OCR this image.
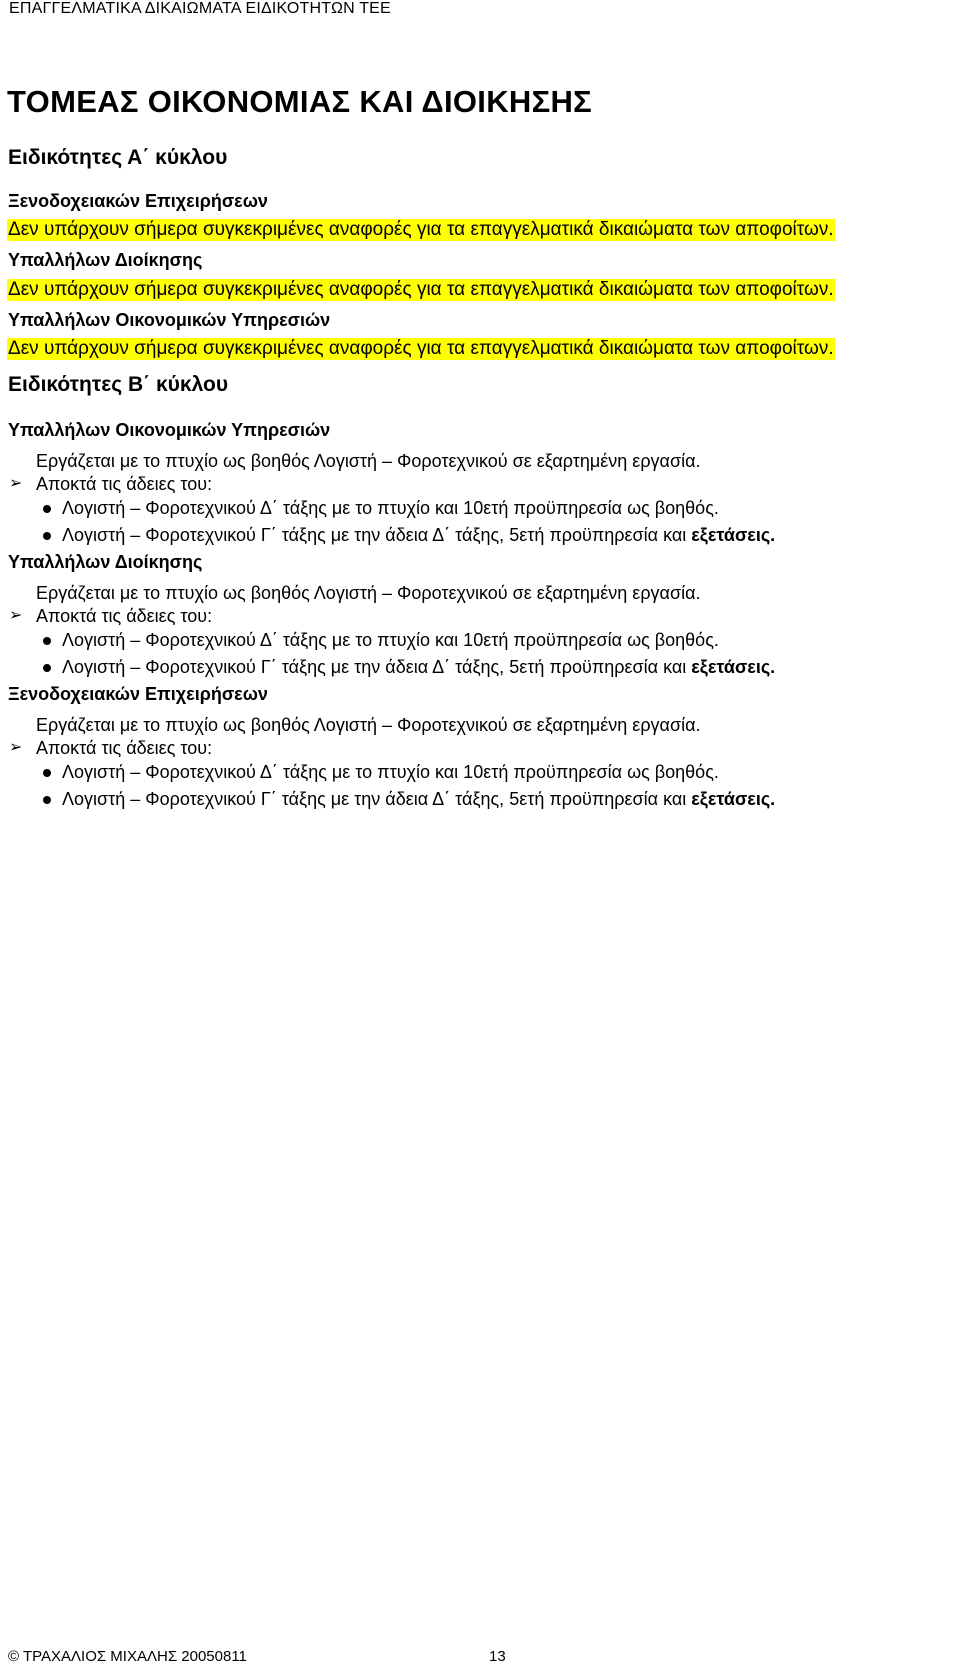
ΕΠΑΓΓΕΛΜΑΤΙΚΑ ΔΙΚΑΙΩΜΑΤΑ ΕΙΔΙΚΟΤΗΤΩΝ ΤΕΕ
ΤΟΜΕΑΣ ΟΙΚΟΝΟΜΙΑΣ ΚΑΙ ΔΙΟΙΚΗΣΗΣ
Ειδικότητες Α΄ κύκλου
Ξενοδοχειακών Επιχειρήσεων
Δεν υπάρχουν σήμερα συγκεκριμένες αναφορές για τα επαγγελματικά δικαιώματα των αποφοίτων.
Υπαλλήλων Διοίκησης
Δεν υπάρχουν σήμερα συγκεκριμένες αναφορές για τα επαγγελματικά δικαιώματα των αποφοίτων.
Υπαλλήλων Οικονομικών Υπηρεσιών
Δεν υπάρχουν σήμερα συγκεκριμένες αναφορές για τα επαγγελματικά δικαιώματα των αποφοίτων.
Ειδικότητες Β΄ κύκλου
Υπαλλήλων Οικονομικών Υπηρεσιών
Εργάζεται με το πτυχίο ως βοηθός Λογιστή – Φοροτεχνικού σε εξαρτημένη εργασία.
➢ Αποκτά τις άδειες του:
Λογιστή – Φοροτεχνικού Δ΄ τάξης με το πτυχίο και 10ετή προϋπηρεσία ως βοηθός.
Λογιστή – Φοροτεχνικού Γ΄ τάξης με την άδεια Δ΄ τάξης, 5ετή προϋπηρεσία και εξετάσεις.
Υπαλλήλων Διοίκησης
Εργάζεται με το πτυχίο ως βοηθός Λογιστή – Φοροτεχνικού σε εξαρτημένη εργασία.
➢ Αποκτά τις άδειες του:
Λογιστή – Φοροτεχνικού Δ΄ τάξης με το πτυχίο και 10ετή προϋπηρεσία ως βοηθός.
Λογιστή – Φοροτεχνικού Γ΄ τάξης με την άδεια Δ΄ τάξης, 5ετή προϋπηρεσία και εξετάσεις.
Ξενοδοχειακών Επιχειρήσεων
Εργάζεται με το πτυχίο ως βοηθός Λογιστή – Φοροτεχνικού σε εξαρτημένη εργασία.
➢ Αποκτά τις άδειες του:
Λογιστή – Φοροτεχνικού Δ΄ τάξης με το πτυχίο και 10ετή προϋπηρεσία ως βοηθός.
Λογιστή – Φοροτεχνικού Γ΄ τάξης με την άδεια Δ΄ τάξης, 5ετή προϋπηρεσία και εξετάσεις.
© ΤΡΑΧΑΛΙΟΣ ΜΙΧΑΛΗΣ 20050811	13
